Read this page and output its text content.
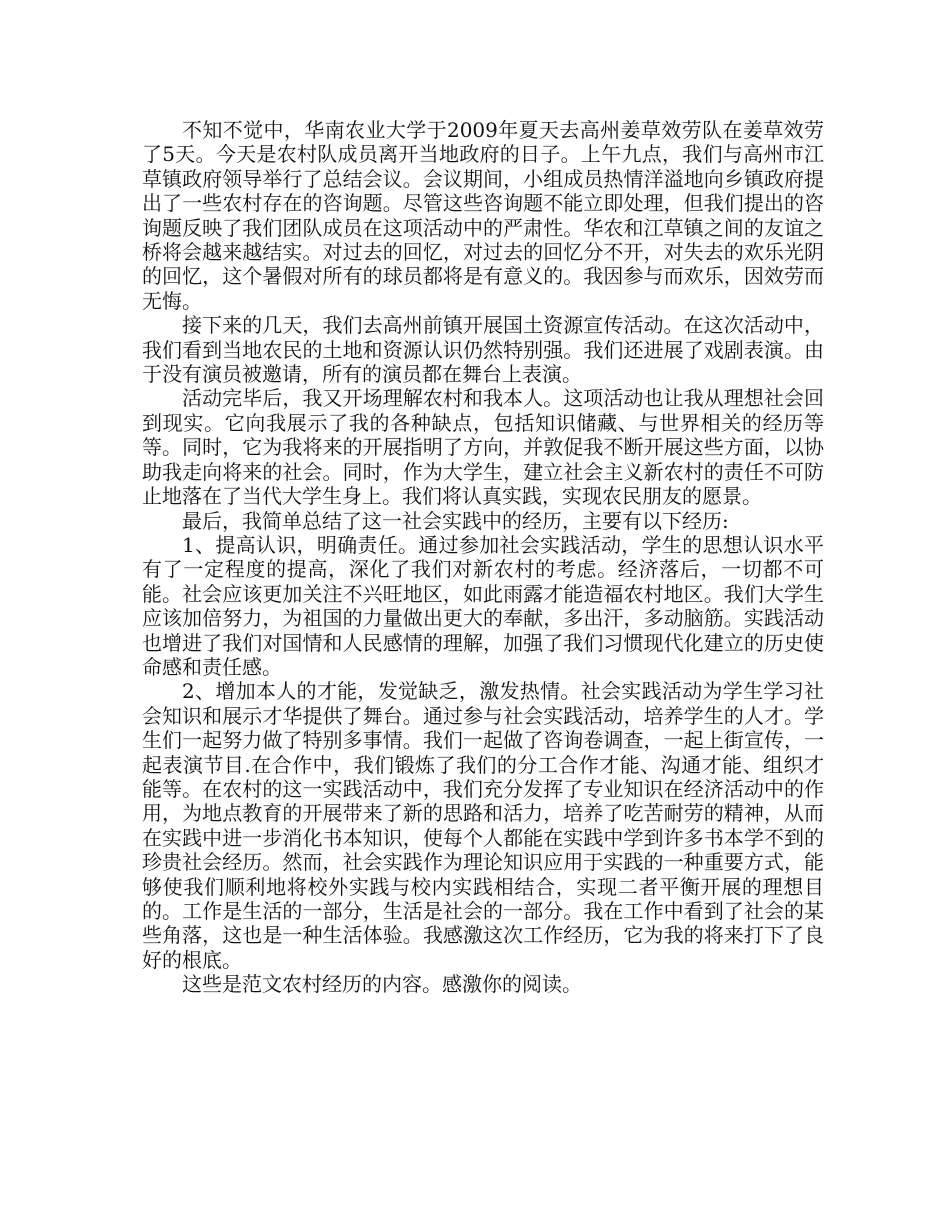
不知不觉中，华南农业大学于2009年夏天去高州姜草效劳队在姜草效劳了5天。今天是农村队成员离开当地政府的日子。上午九点，我们与高州市江草镇政府领导举行了总结会议。会议期间，小组成员热情洋溢地向乡镇政府提出了一些农村存在的咨询题。尽管这些咨询题不能立即处理，但我们提出的咨询题反映了我们团队成员在这项活动中的严肃性。华农和江草镇之间的友谊之桥将会越来越结实。对过去的回忆，对过去的回忆分不开，对失去的欢乐光阴的回忆，这个暑假对所有的球员都将是有意义的。我因参与而欢乐，因效劳而无悔。

接下来的几天，我们去高州前镇开展国土资源宣传活动。在这次活动中，我们看到当地农民的土地和资源认识仍然特别强。我们还进展了戏剧表演。由于没有演员被邀请，所有的演员都在舞台上表演。

活动完毕后，我又开场理解农村和我本人。这项活动也让我从理想社会回到现实。它向我展示了我的各种缺点，包括知识储藏、与世界相关的经历等等。同时，它为我将来的开展指明了方向，并敦促我不断开展这些方面，以协助我走向将来的社会。同时，作为大学生，建立社会主义新农村的责任不可防止地落在了当代大学生身上。我们将认真实践，实现农民朋友的愿景。

最后，我简单总结了这一社会实践中的经历，主要有以下经历:

1、提高认识，明确责任。通过参加社会实践活动，学生的思想认识水平有了一定程度的提高，深化了我们对新农村的考虑。经济落后，一切都不可能。社会应该更加关注不兴旺地区，如此雨露才能造福农村地区。我们大学生应该加倍努力，为祖国的力量做出更大的奉献，多出汗，多动脑筋。实践活动也增进了我们对国情和人民感情的理解，加强了我们习惯现代化建立的历史使命感和责任感。

2、增加本人的才能，发觉缺乏，激发热情。社会实践活动为学生学习社会知识和展示才华提供了舞台。通过参与社会实践活动，培养学生的人才。学生们一起努力做了特别多事情。我们一起做了咨询卷调查，一起上街宣传，一起表演节目.在合作中，我们锻炼了我们的分工合作才能、沟通才能、组织才能等。在农村的这一实践活动中，我们充分发挥了专业知识在经济活动中的作用，为地点教育的开展带来了新的思路和活力，培养了吃苦耐劳的精神，从而在实践中进一步消化书本知识，使每个人都能在实践中学到许多书本学不到的珍贵社会经历。然而，社会实践作为理论知识应用于实践的一种重要方式，能够使我们顺利地将校外实践与校内实践相结合，实现二者平衡开展的理想目的。工作是生活的一部分，生活是社会的一部分。我在工作中看到了社会的某些角落，这也是一种生活体验。我感激这次工作经历，它为我的将来打下了良好的根底。

这些是范文农村经历的内容。感激你的阅读。
